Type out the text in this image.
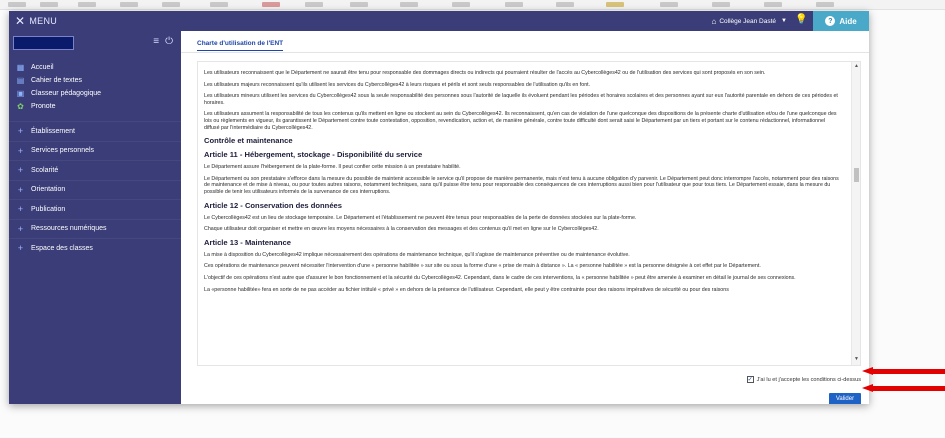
✕ MENU
≡ ⏻
▦ Accueil
▤ Cahier de textes
▣ Classeur pédagogique
✿ Pronote
+ Établissement
+ Services personnels
+ Scolarité
+ Orientation
+ Publication
+ Ressources numériques
+ Espace des classes
⌂ Collège Jean Dasté ▼ 💡	? Aide
Charte d'utilisation de l'ENT
Les utilisateurs reconnaissent que le Département ne saurait être tenu pour responsable des dommages directs ou indirects qui pourraient résulter de l'accès au Cybercollèges42 ou de l'utilisation des services qui sont proposés en son sein.
Les utilisateurs majeurs reconnaissent qu'ils utilisent les services du Cybercollèges42 à leurs risques et périls et sont seuls responsables de l'utilisation qu'ils en font.
Les utilisateurs mineurs utilisent les services du Cybercollèges42 sous la seule responsabilité des personnes sous l'autorité de laquelle ils évoluent pendant les périodes et horaires scolaires et des personnes ayant sur eux l'autorité parentale en dehors de ces périodes et horaires.
Les utilisateurs assument la responsabilité de tous les contenus qu'ils mettent en ligne ou stockent au sein du Cybercollèges42. Ils reconnaissent, qu'en cas de violation de l'une quelconque des dispositions de la présente charte d'utilisation et/ou de l'une quelconque des lois ou règlements en vigueur, ils garantissent le Département contre toute contestation, opposition, revendication, action et, de manière générale, contre toute difficulté dont serait saisi le Département par un tiers et portant sur le contenu rédactionnel, informationnel diffusé par l'intermédiaire du Cybercollèges42.
Contrôle et maintenance
Article 11 - Hébergement, stockage - Disponibilité du service
Le Département assure l'hébergement de la plate-forme. Il peut confier cette mission à un prestataire habilité.
Le Département ou son prestataire s'efforce dans la mesure du possible de maintenir accessible le service qu'il propose de manière permanente, mais n'est tenu à aucune obligation d'y parvenir. Le Département peut donc interrompre l'accès, notamment pour des raisons de maintenance et de mise à niveau, ou pour toutes autres raisons, notamment techniques, sans qu'il puisse être tenu pour responsable des conséquences de ces interruptions aussi bien pour l'utilisateur que pour tous tiers. Le Département essaie, dans la mesure du possible de tenir les utilisateurs informés de la survenance de ces interruptions.
Article 12 - Conservation des données
Le Cybercollèges42 est un lieu de stockage temporaire. Le Département et l'établissement ne peuvent être tenus pour responsables de la perte de données stockées sur la plate-forme.
Chaque utilisateur doit organiser et mettre en œuvre les moyens nécessaires à la conservation des messages et des contenus qu'il met en ligne sur le Cybercollèges42.
Article 13 - Maintenance
La mise à disposition du Cybercollèges42 implique nécessairement des opérations de maintenance technique, qu'il s'agisse de maintenance préventive ou de maintenance évolutive.
Ces opérations de maintenance peuvent nécessiter l'intervention d'une « personne habilitée » sur site ou sous la forme d'une « prise de main à distance ». La « personne habilitée » est la personne désignée à cet effet par le Département.
L'objectif de ces opérations n'est autre que d'assurer le bon fonctionnement et la sécurité du Cybercollèges42. Cependant, dans le cadre de ces interventions, la « personne habilitée » peut être amenée à examiner en détail le journal de ses connexions.
La «personne habilitée» fera en sorte de ne pas accéder au fichier intitulé « privé » en dehors de la présence de l'utilisateur. Cependant, elle peut y être contrainte pour des raisons impératives de sécurité ou pour des raisons
▲
▼
✓ J'ai lu et j'accepte les conditions ci-dessus
Valider
